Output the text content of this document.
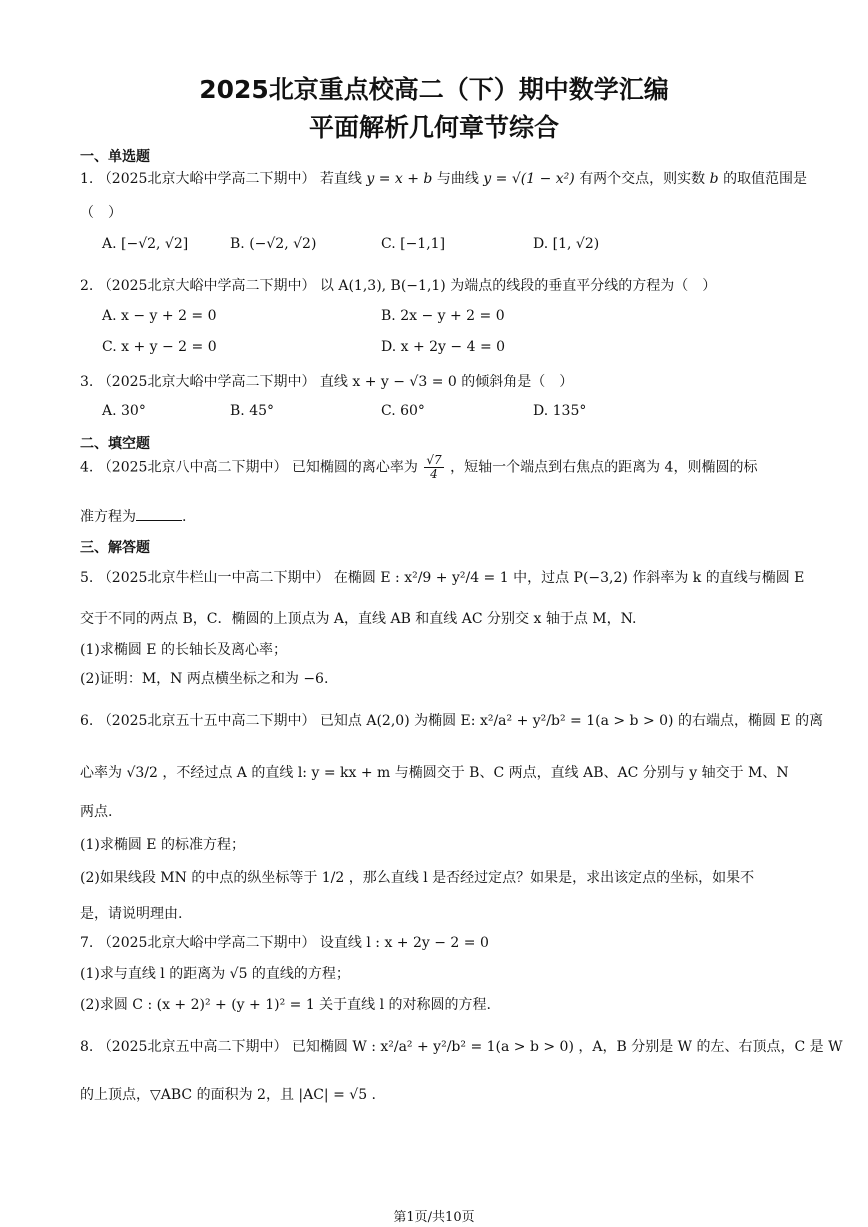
2025北京重点校高二（下）期中数学汇编
平面解析几何章节综合
一、单选题
1. （2025北京大峪中学高二下期中） 若直线 y = x + b 与曲线 y = √(1 − x²) 有两个交点，则实数 b 的取值范围是
（　）
A. [−√2, √2]	B. (−√2, √2)	C. [−1,1]	D. [1, √2)
2. （2025北京大峪中学高二下期中） 以 A(1,3), B(−1,1) 为端点的线段的垂直平分线的方程为（　）
A. x − y + 2 = 0	B. 2x − y + 2 = 0
C. x + y − 2 = 0	D. x + 2y − 4 = 0
3. （2025北京大峪中学高二下期中） 直线 x + y − √3 = 0 的倾斜角是（　）
A. 30°	B. 45°	C. 60°	D. 135°
二、填空题
4. （2025北京八中高二下期中） 已知椭圆的离心率为 $\frac{√7}{4}$ ，短轴一个端点到右焦点的距离为 4，则椭圆的标
准方程为	.
三、解答题
5. （2025北京牛栏山一中高二下期中） 在椭圆 E : x²/9 + y²/4 = 1 中，过点 P(−3,2) 作斜率为 k 的直线与椭圆 E
交于不同的两点 B，C．椭圆的上顶点为 A，直线 AB 和直线 AC 分别交 x 轴于点 M，N.
(1)求椭圆 E 的长轴长及离心率；
(2)证明：M，N 两点横坐标之和为 −6.
6. （2025北京五十五中高二下期中） 已知点 A(2,0) 为椭圆 E: x²/a² + y²/b² = 1(a > b > 0) 的右端点，椭圆 E 的离
心率为 √3/2 ，不经过点 A 的直线 l: y = kx + m 与椭圆交于 B、C 两点，直线 AB、AC 分别与 y 轴交于 M、N
两点.
(1)求椭圆 E 的标准方程；
(2)如果线段 MN 的中点的纵坐标等于 1/2 ，那么直线 l 是否经过定点？如果是，求出该定点的坐标，如果不
是，请说明理由.
7. （2025北京大峪中学高二下期中） 设直线 l : x + 2y − 2 = 0
(1)求与直线 l 的距离为 √5 的直线的方程；
(2)求圆 C : (x + 2)² + (y + 1)² = 1 关于直线 l 的对称圆的方程.
8. （2025北京五中高二下期中） 已知椭圆 W : x²/a² + y²/b² = 1(a > b > 0) ，A，B 分别是 W 的左、右顶点，C 是 W
的上顶点，▽ABC 的面积为 2，且 |AC| = √5 .
第1页/共10页
